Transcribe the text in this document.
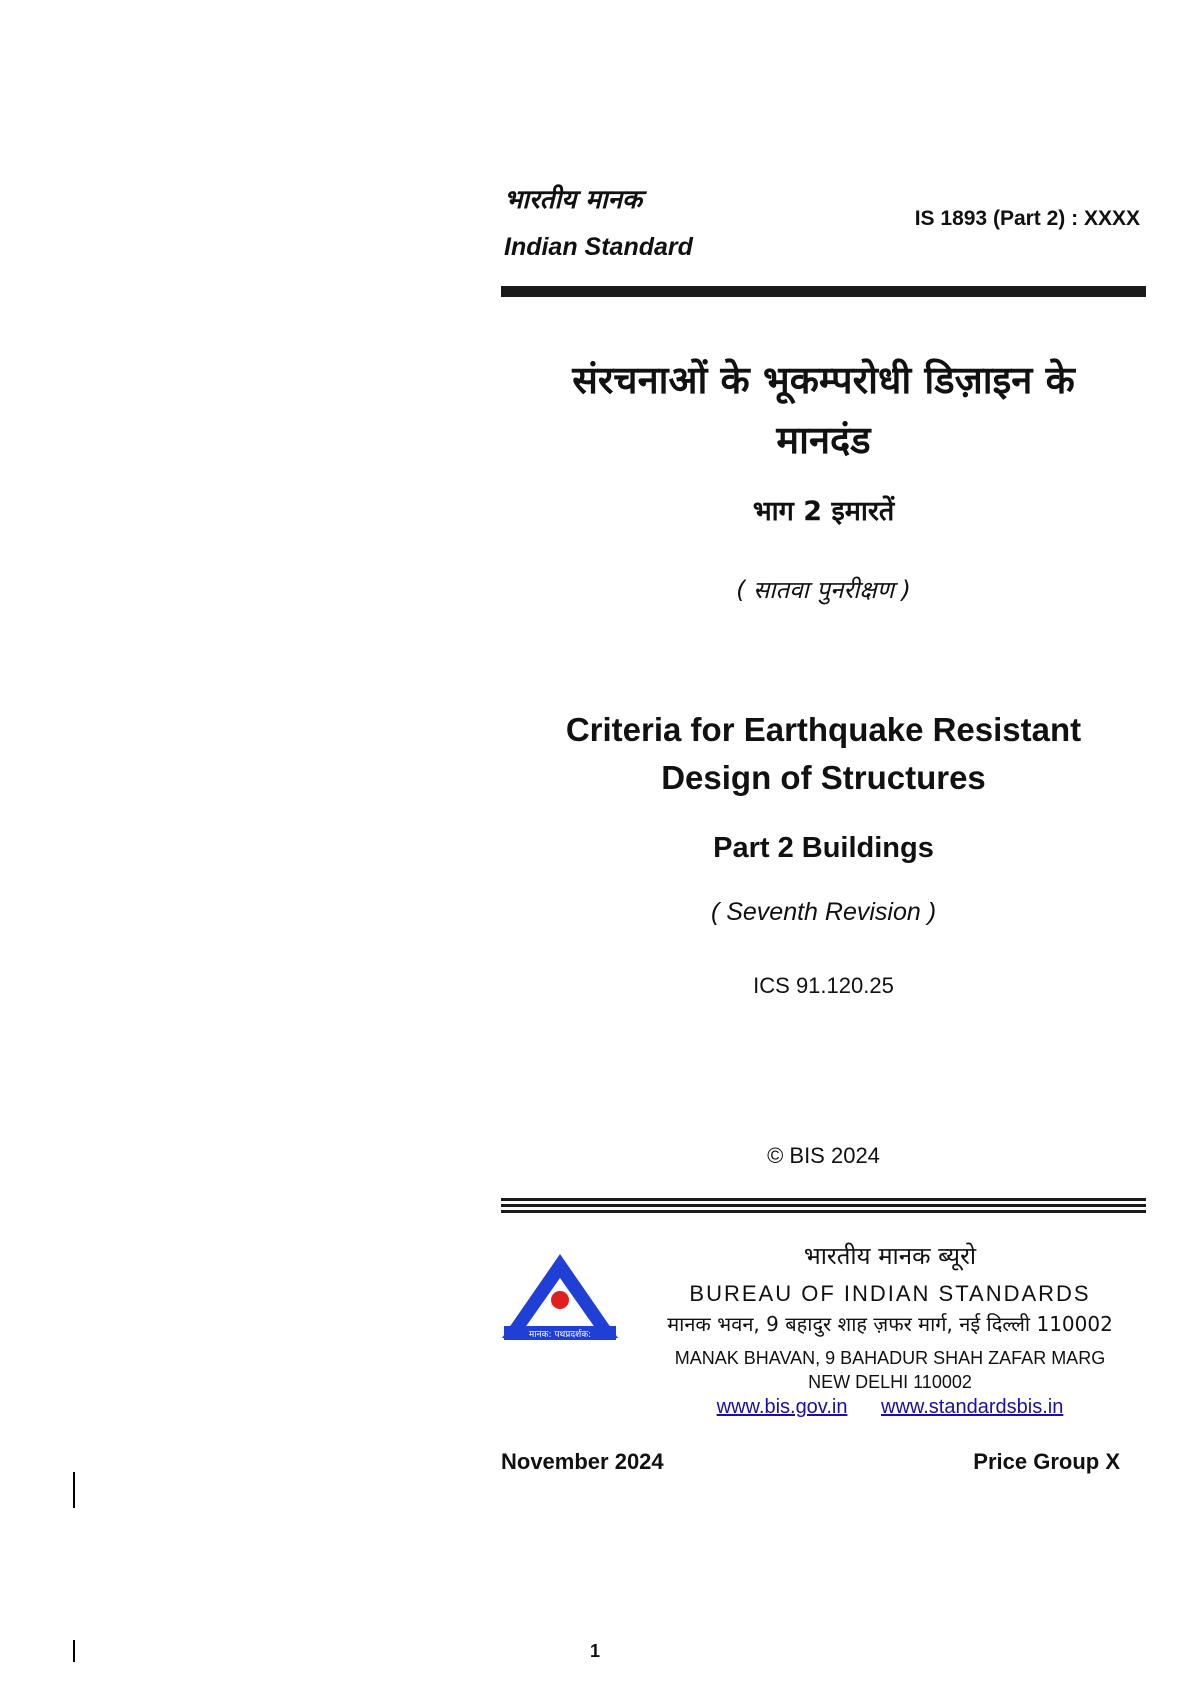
भारतीय मानक
Indian Standard
IS 1893 (Part 2) : XXXX
संरचनाओं के भूकम्परोधी डिज़ाइन के
मानदंड
भाग 2 इमारतें
( सातवा पुनरीक्षण )
Criteria for Earthquake Resistant
Design of Structures
Part 2 Buildings
( Seventh Revision )
ICS 91.120.25
© BIS 2024
मानक: पथप्रदर्शक:
भारतीय मानक ब्यूरो
BUREAU OF INDIAN STANDARDS
मानक भवन, 9 बहादुर शाह ज़फर मार्ग, नई दिल्ली 110002
MANAK BHAVAN, 9 BAHADUR SHAH ZAFAR MARG
NEW DELHI 110002
www.bis.gov.in www.standardsbis.in
November 2024	Price Group X
1
